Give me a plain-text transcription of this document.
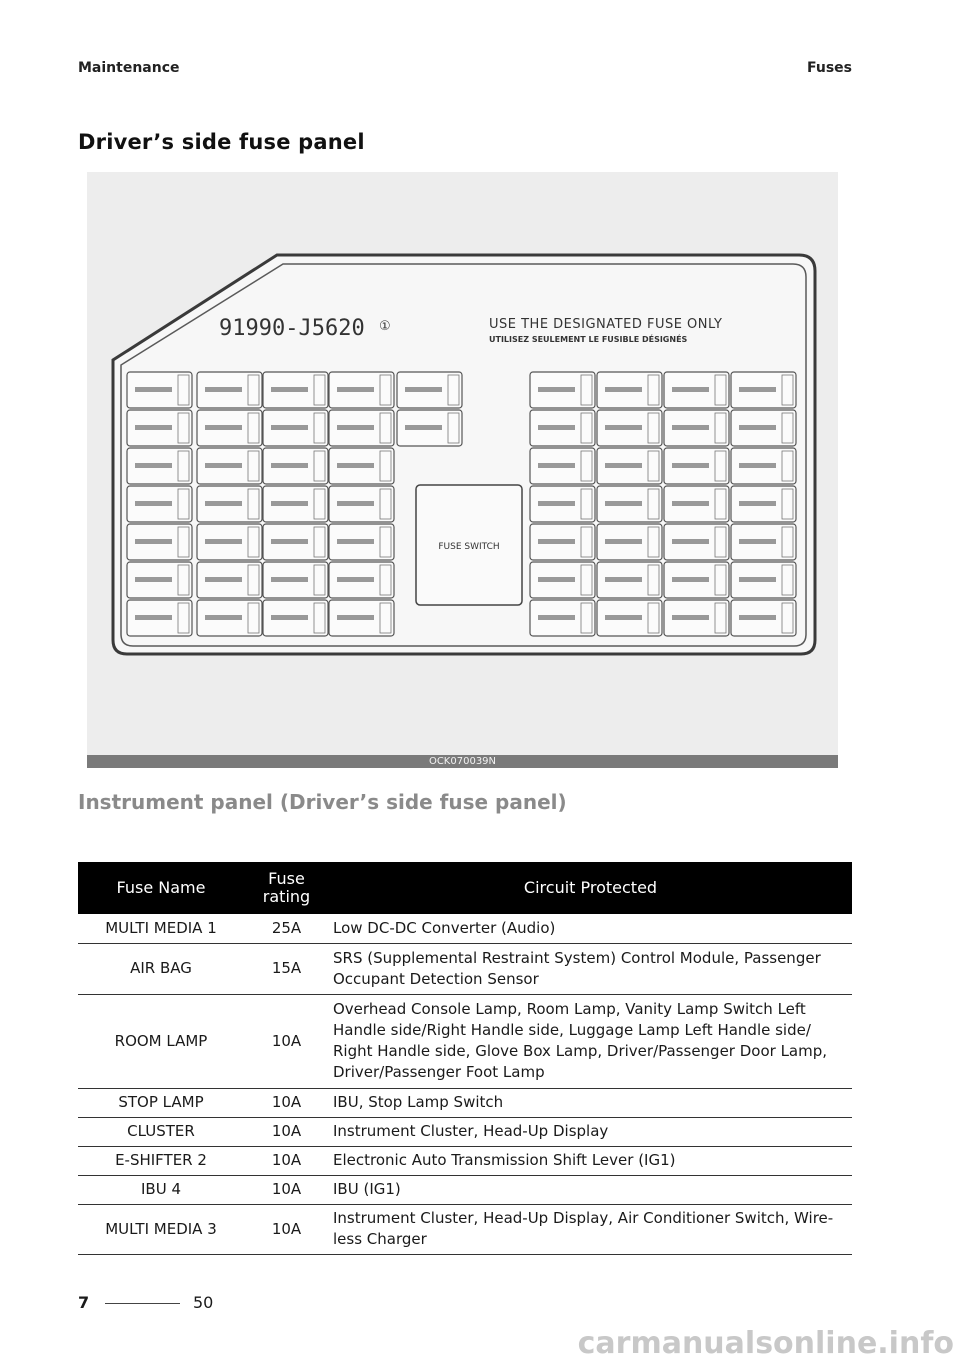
Maintenance	Fuses
Driver’s side fuse panel
91990-J5620 ①	USE THE DESIGNATED FUSE ONLY
UTILISEZ SEULEMENT LE FUSIBLE DÉSIGNÉS
FUSE SWITCH
OCK070039N
Instrument panel (Driver’s side fuse panel)
Fuse Name	Fuse rating	Circuit Protected
MULTI MEDIA 1	25A	Low DC-DC Converter (Audio)
AIR BAG	15A	SRS (Supplemental Restraint System) Control Module, Passenger Occupant Detection Sensor
ROOM LAMP	10A	Overhead Console Lamp, Room Lamp, Vanity Lamp Switch Left Handle side/Right Handle side, Luggage Lamp Left Handle side/ Right Handle side, Glove Box Lamp, Driver/Passenger Door Lamp, Driver/Passenger Foot Lamp
STOP LAMP	10A	IBU, Stop Lamp Switch
CLUSTER	10A	Instrument Cluster, Head-Up Display
E-SHIFTER 2	10A	Electronic Auto Transmission Shift Lever (IG1)
IBU 4	10A	IBU (IG1)
MULTI MEDIA 3	10A	Instrument Cluster, Head-Up Display, Air Conditioner Switch, Wire- less Charger
7	50
carmanualsonline.info
